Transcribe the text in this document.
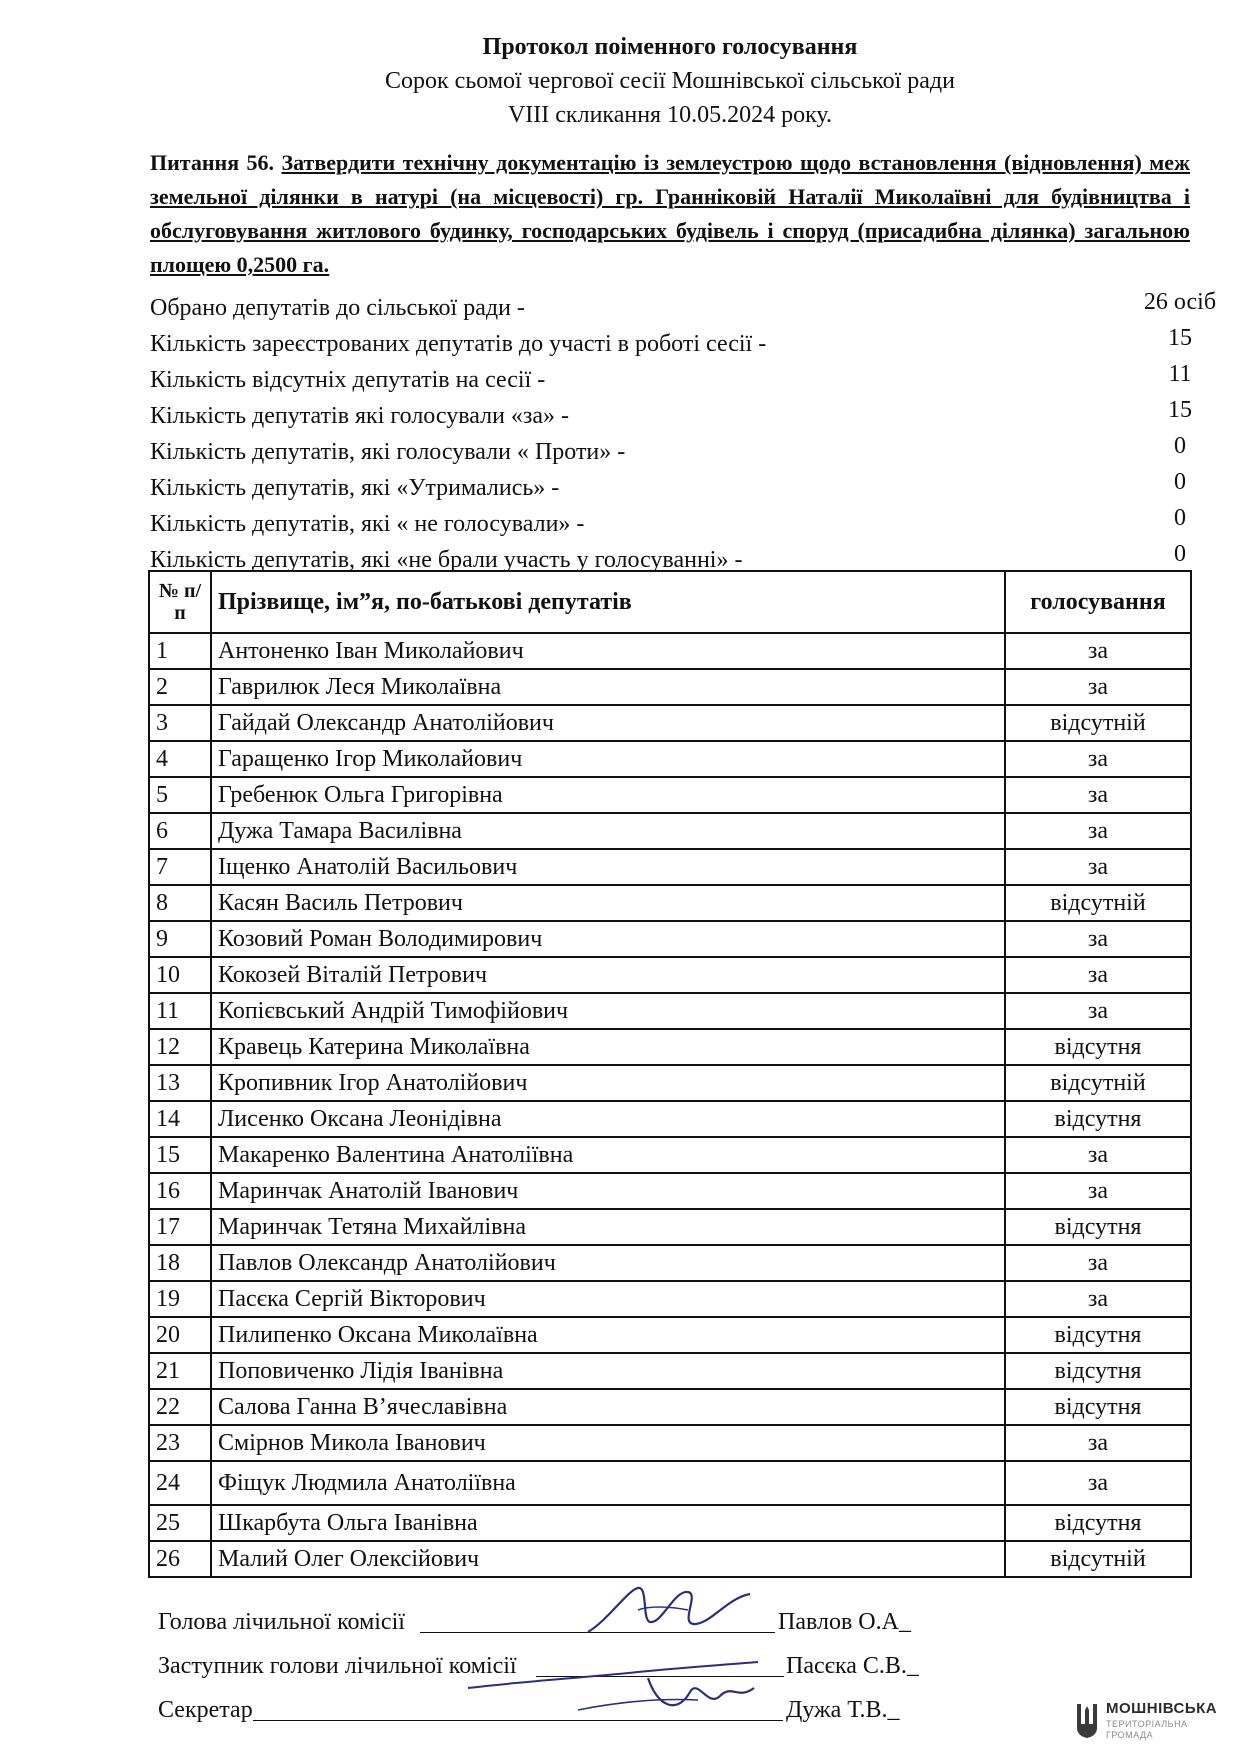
Протокол поіменного голосування
Сорок сьомої чергової сесії Мошнівської сільської ради
VIII скликання 10.05.2024 року.
Питання 56. Затвердити технічну документацію із землеустрою щодо встановлення (відновлення) меж земельної ділянки в натурі (на місцевості) гр. Гранніковій Наталії Миколаївні для будівництва і обслуговування житлового будинку, господарських будівель і споруд (присадибна ділянка) загальною площею 0,2500 га.
Обрано депутатів до сільської ради -	26 осіб
Кількість зареєстрованих депутатів до участі в роботі сесії -	15
Кількість відсутніх депутатів на сесії -	11
Кількість депутатів які голосували «за» -	15
Кількість депутатів, які голосували « Проти» -	0
Кількість депутатів, які «Утримались» -	0
Кількість депутатів, які « не голосували» -	0
Кількість депутатів, які «не брали участь у голосуванні» -	0
№ п/п	Прізвище, ім”я, по-батькові депутатів	голосування
1	Антоненко Іван Миколайович	за
2	Гаврилюк Леся Миколаївна	за
3	Гайдай Олександр Анатолійович	відсутній
4	Гаращенко Ігор Миколайович	за
5	Гребенюк Ольга Григорівна	за
6	Дужа Тамара Василівна	за
7	Іщенко Анатолій Васильович	за
8	Касян Василь Петрович	відсутній
9	Козовий Роман Володимирович	за
10	Кокозей Віталій Петрович	за
11	Копієвський Андрій Тимофійович	за
12	Кравець Катерина Миколаївна	відсутня
13	Кропивник Ігор Анатолійович	відсутній
14	Лисенко Оксана Леонідівна	відсутня
15	Макаренко Валентина Анатоліївна	за
16	Маринчак Анатолій Іванович	за
17	Маринчак Тетяна Михайлівна	відсутня
18	Павлов Олександр Анатолійович	за
19	Пасєка Сергій Вікторович	за
20	Пилипенко Оксана Миколаївна	відсутня
21	Поповиченко Лідія Іванівна	відсутня
22	Салова Ганна В’ячеславівна	відсутня
23	Смірнов Микола Іванович	за
24	Фіщук Людмила Анатоліївна	за
25	Шкарбута Ольга Іванівна	відсутня
26	Малий Олег Олексійович	відсутній
Голова лічильної комісії	Павлов О.А_
Заступник голови лічильної комісії	Пасєка С.В._
Секретар	Дужа Т.В._	МОШНІВСЬКА
ТЕРИТОРІАЛЬНА
ГРОМАДА
